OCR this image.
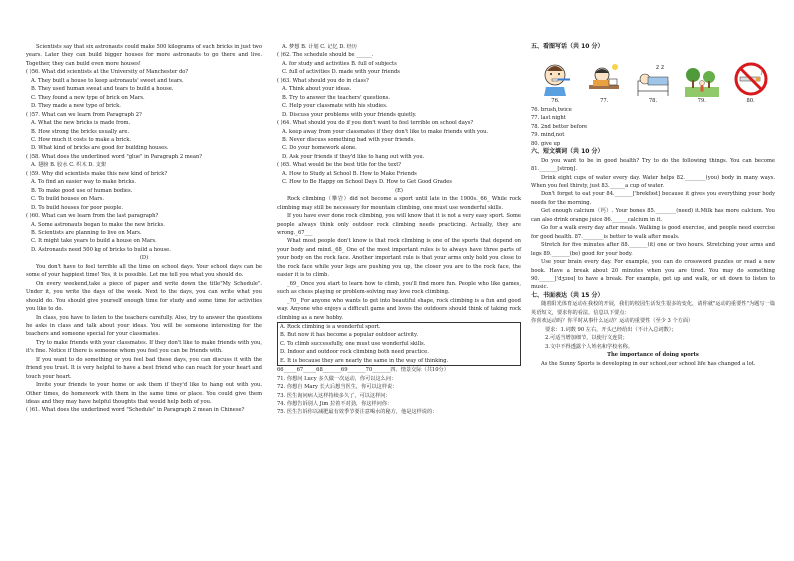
Scientists say that six astronauts could make 500 kilograms of such bricks in just two years. Later they can build bigger houses for more astronauts to go there and live. Together, they can build even more houses!
( )56. What did scientists at the University of Manchester do?
A. They built a house to keep astronauts' sweet and tears.
B. They used human sweat and tears to build a house.
C. They found a new type of brick on Mars.
D. They made a new type of brick.
( )57. What can we learn from Paragraph 2?
A. What the new bricks is made from.
B. How strong the bricks usually are.
C. How much it costs to make a brick.
D. What kind of bricks are good for building houses.
( )58. What does the underlined word "glue" in Paragraph 2 mean?
A. 翅膀 B. 胶水 C. 织木 D. 支架
( )59. Why did scientists make this new kind of brick?
A. To find an easier way to make bricks.
B. To make good use of human bodies.
C. To build houses on Mars.
D. To build houses for poor people.
( )60. What can we learn from the last paragraph?
A. Some astronauts began to make the new bricks.
B. Scientists are planning to live on Mars.
C. It might take years to build a house on Mars.
D. Astronauts need 500 kg of bricks to build a house.
(D)
You don't have to feel terrible all the time on school days. Your school days can be some of your happiest time! Yes, it is possible. Let me tell you what you should do.
On every weekend,take a piece of paper and write down the title"My Schedule". Under it, you write the days of the week. Next to the days, you can write what you should do. You should give yourself enough time for study and some time for activities you like to do.
In class, you have to listen to the teachers carefully. Also, try to answer the questions he asks in class and talk about your ideas. You will be someone interesting for the teachers and someone special for your classmates.
Try to make friends with your classmates. If they don't like to make friends with you, it's fine. Notice if there is someone whom you feel you can be friends with.
If you want to do something or you feel bad these days, you can discuss it with the friend you trust. It is very helpful to have a best friend who can reach for your heart and touch your heart.
Invite your friends to your home or ask them if they'd like to hang out with you. Other times, do homework with them in the same time or place. You could give them ideas and they may have helpful thoughts that would help both of you.
( )61. What does the underlined word "Schedule" in Paragraph 2 mean in Chinese?
A. 梦想 B. 计划 C. 记忆 D. 经历
( )62. The schedule should be ______.
A. for study and activities B. full of subjects
C. full of activities D. made with your friends
( )63. What should you do in class?
A. Think about your ideas.
B. Try to answer the teachers' questions.
C. Help your classmate with his studies.
D. Discuss your problems with your friends quietly.
( )64. What should you do if you don't want to feel terrible on school days?
A. keep away from your classmates if they don't like to make friends with you.
B. Never discuss something bad with your friends.
C. Do your homework alone.
D. Ask your friends if they'd like to hang out with you.
( )65. What would be the best title for the text?
A. How to Study at School B. How to Make Friends
C. How to Be Happy on School Days D. How to Get Good Grades
(E)
Rock climbing（攀岩）did not become a sport until late in the 1900s._66_ While rock climbing may still be necessary for mountain climbing, one must use wonderful skills.
If you have ever done rock climbing, you will know that it is not a very easy sport. Some people always think only outdoor rock climbing needs practicing. Actually, they are wrong._67___
What most people don't know is that rock climbing is one of the sports that depend on your body and mind._68_ One of the most important rules is to always have three parts of your body on the rock face. Another important rule is that your arms only hold you close to the rock face while your legs are pushing you up, the closer you are to the rock face, the easier it is to climb.
_69_ Once you start to learn how to climb, you'll find more fun. People who like games, such as chess playing or problem-solving may love rock climbing.
_70_ For anyone who wants to get into beautiful shape, rock climbing is a fun and good way. Anyone who enjoys a difficult game and loves the outdoors should think of taking rock climbing as a new hobby.
A. Rock climbing is a wonderful sport.
B. But now it has become a popular outdoor activity.
C. To climb successfully, one must use wonderful skills.
D. Indoor and outdoor rock climbing both need practice.
E. It is because they are nearly the same in the way of thinking.
66_____67_____68_______69_______70_______四、情景交际（共10分）
71. 你想问 Lucy 多久做一次运动，你可以这么问：
72. 你想自 Mary 长大后想当医生，你可以这样说：
73. 医生询问病人这样持续多久了，可以这样问：
74. 你想告诉别人 Jim 拉着不对劲，你这样问你：
75. 医生告诉你以减肥最有效季节要注意喝水的秘方，他是这样说的：
五、看图写话（共 10 分）
z z
76.	77.	78.	79.	80.
76. brush,twice
77. last night
78. 2nd better before
79. mind,not
80. give up
六、短文填词（共 10 分）
Do you want to be in good health? Try to do the following things. You can become 81._______[strɒŋ].
Drink eight cups of water every day. Water helps 82.________(you) body in many ways. When you feel thirsty, just 83.______a cup of water.
Don't forget to eat your 84._______['brekfəst] because it gives you everything your body needs for the morning.
Get enough calcium（钙）. Your bones 85.________(need) it.Milk has more calcium. You can also drink orange juice 86.______calcium in it.
Go for a walk every day after meals. Walking is good exercise, and people need exercise for good health. 87.________is better to walk after meals.
Stretch for five minutes after 88._______(it) one or two hours. Stretching your arms and legs 89._______(be) good for your body.
Use your brain every day. For example, you can do crossword puzzles or read a new book. Have a break about 20 minutes when you are tired. You may do something 90.______['dʒɔɪsɪ] to have a break. For example, get up and walk, or sit down to listen to music.
七、书面表达（共 15 分）
随着阳光体育运动在我校的开展，我们的校园生活发生很多的变化，请你就"运动的重要性"为题写一篇英语短文，要求你的看法，信息以下要点：
你喜欢运动吗？你平时从事什么运动？运动的重要性（至少 3 个方面）
要求：1.词数 90 左右，开头已经给出（不计入总词数）；
2.可适当增加细节，以使行文连贯；
3.文中不得透露个人姓名和学校名称。
The importance of doing sports
As the Sunny Sports is developing in our school,our school life has changed a lot.
